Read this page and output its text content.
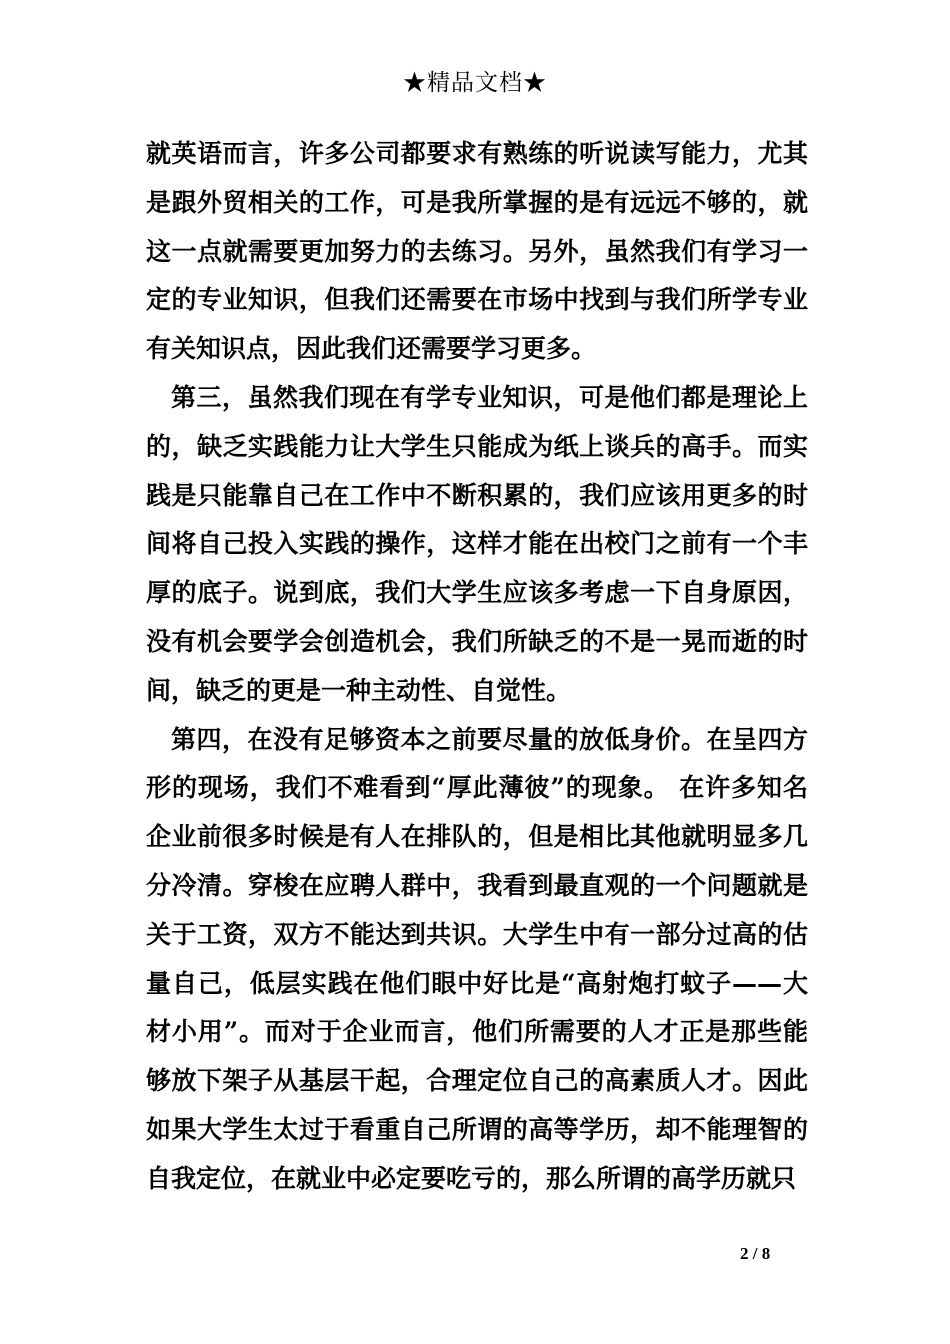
★精品文档★

就英语而言，许多公司都要求有熟练的听说读写能力，尤其是跟外贸相关的工作，可是我所掌握的是有远远不够的，就这一点就需要更加努力的去练习。另外，虽然我们有学习一定的专业知识，但我们还需要在市场中找到与我们所学专业有关知识点，因此我们还需要学习更多。

第三，虽然我们现在有学专业知识，可是他们都是理论上的，缺乏实践能力让大学生只能成为纸上谈兵的高手。而实践是只能靠自己在工作中不断积累的，我们应该用更多的时间将自己投入实践的操作，这样才能在出校门之前有一个丰厚的底子。说到底，我们大学生应该多考虑一下自身原因，没有机会要学会创造机会，我们所缺乏的不是一晃而逝的时间，缺乏的更是一种主动性、自觉性。

第四，在没有足够资本之前要尽量的放低身价。在呈四方形的现场，我们不难看到“厚此薄彼”的现象。 在许多知名企业前很多时候是有人在排队的，但是相比其他就明显多几分冷清。穿梭在应聘人群中，我看到最直观的一个问题就是关于工资，双方不能达到共识。大学生中有一部分过高的估量自己，低层实践在他们眼中好比是“高射炮打蚊子——大材小用”。而对于企业而言，他们所需要的人才正是那些能够放下架子从基层干起，合理定位自己的高素质人才。因此如果大学生太过于看重自己所谓的高等学历，却不能理智的自我定位，在就业中必定要吃亏的，那么所谓的高学历就只

2 / 8
